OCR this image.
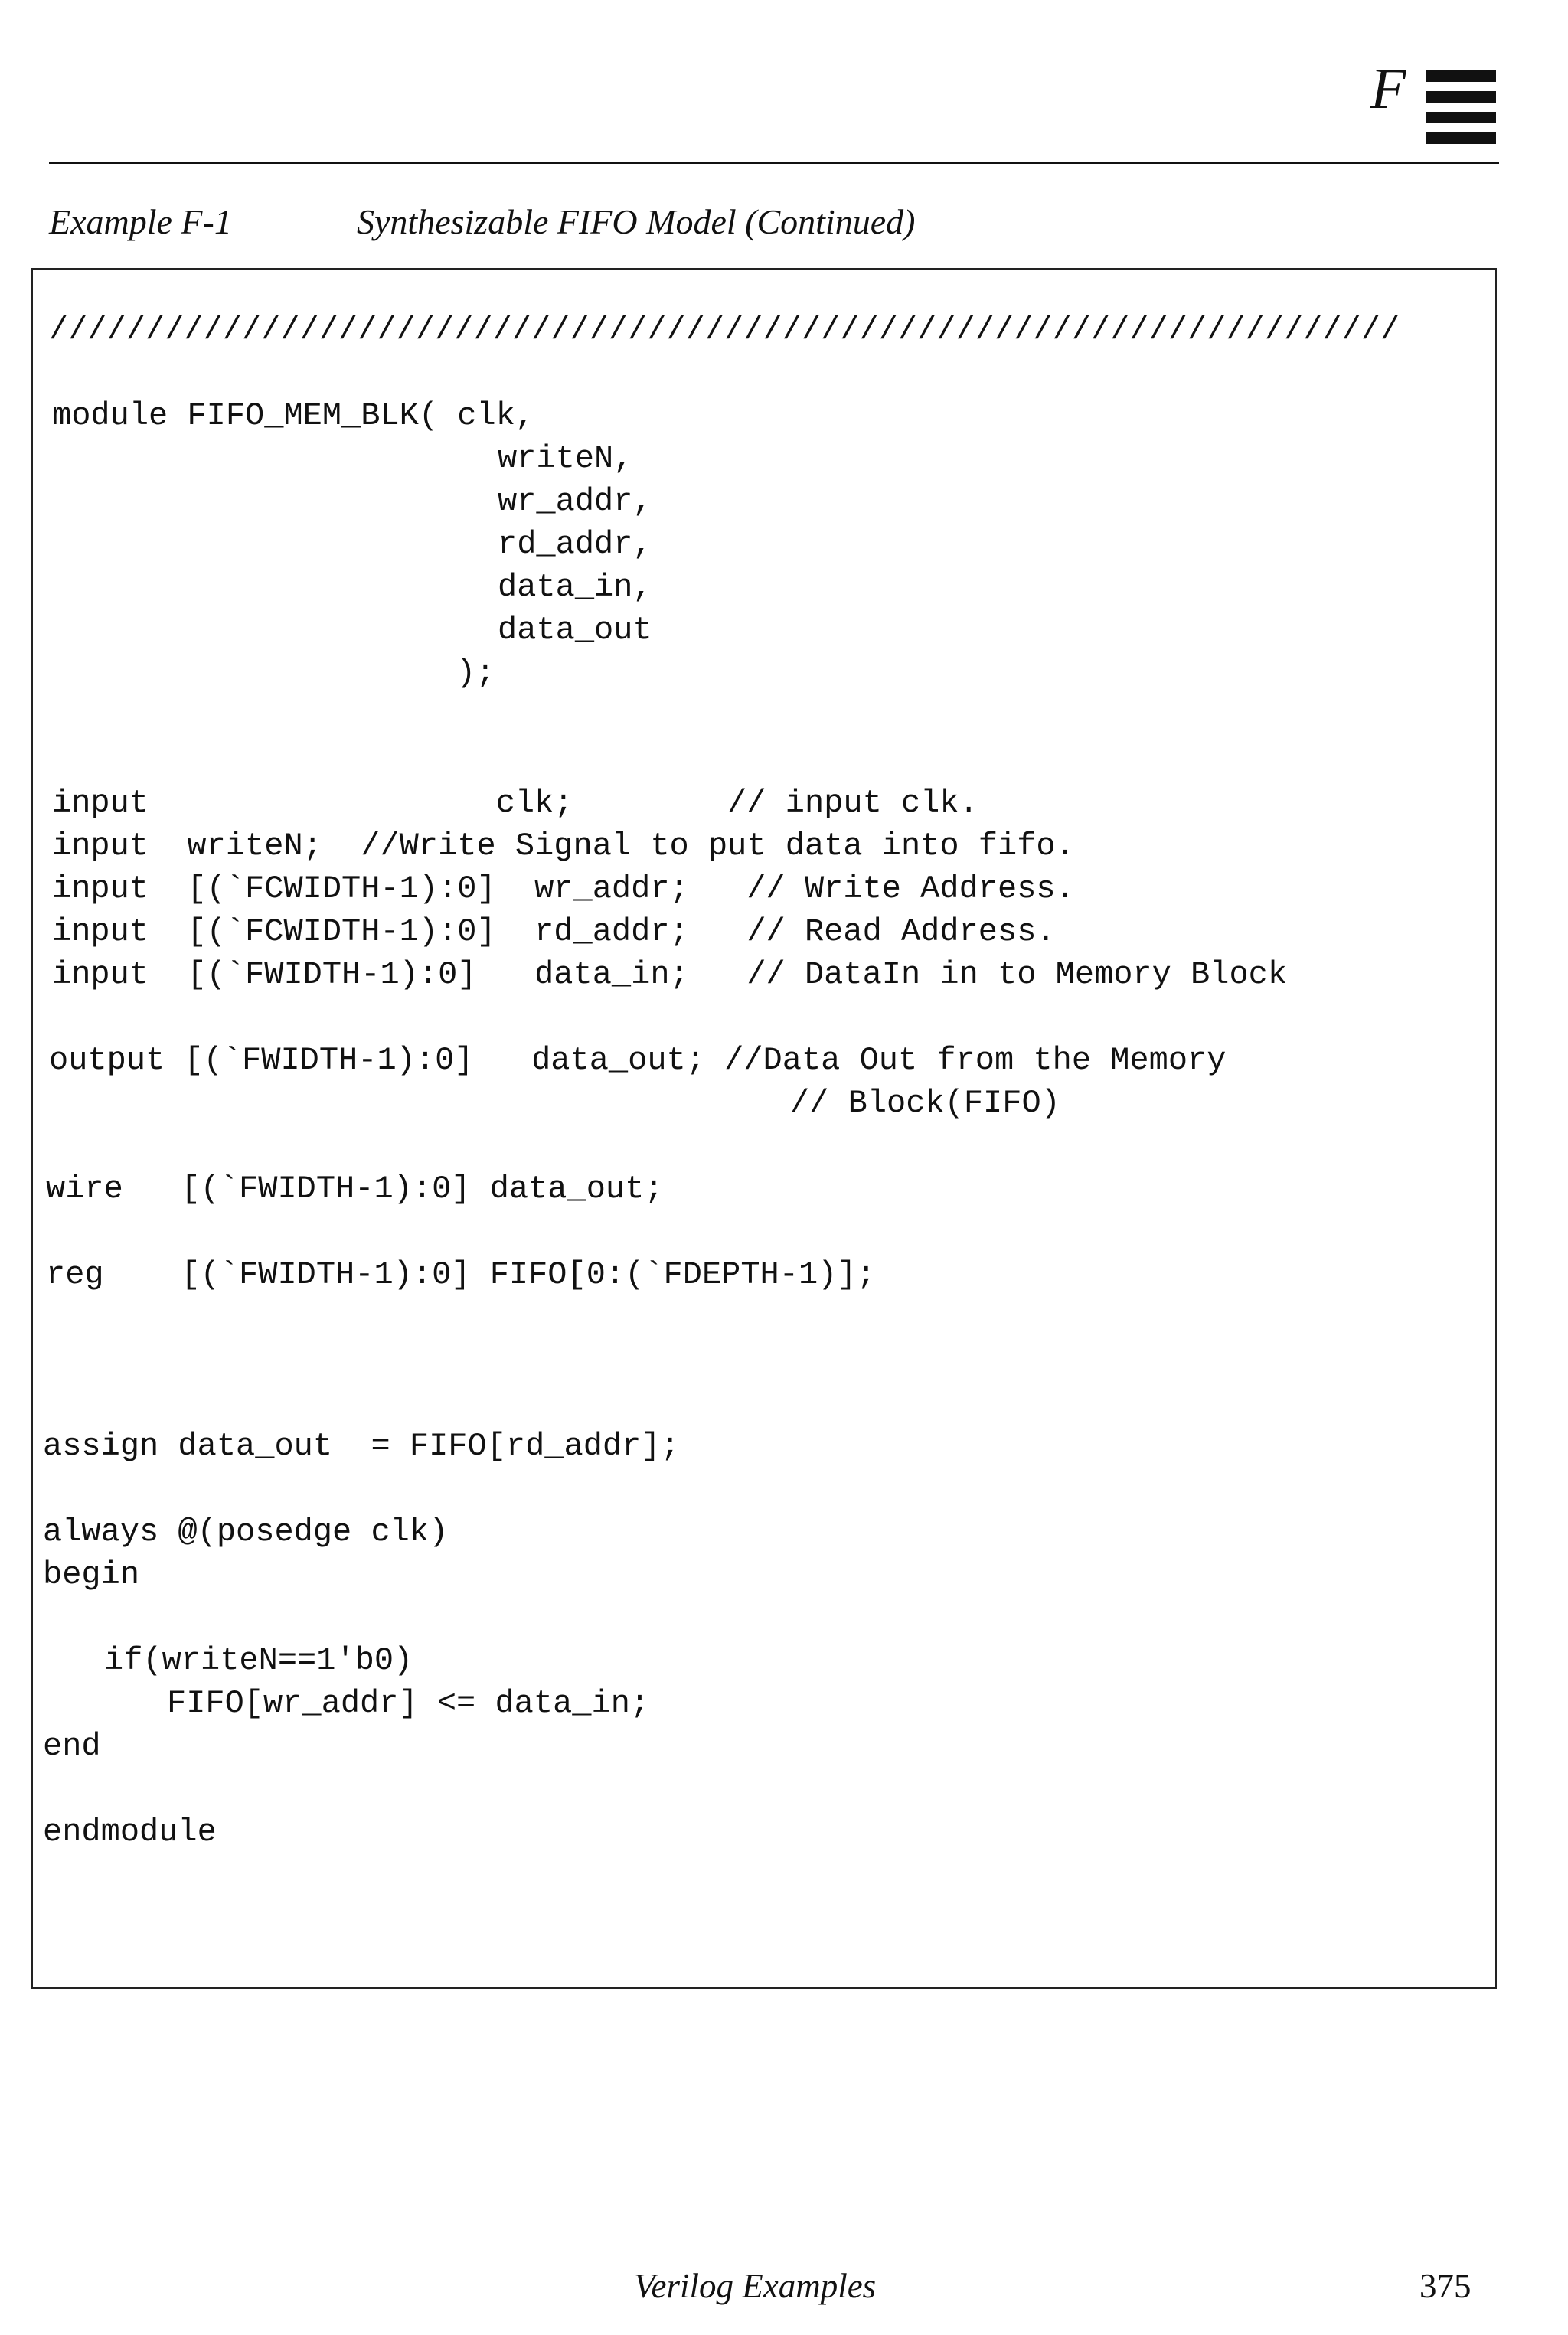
F
Example F-1	Synthesizable FIFO Model (Continued)
//////////////////////////////////////////////////////////////////////
module FIFO_MEM_BLK( clk,
writeN,
wr_addr,
rd_addr,
data_in,
data_out
);
input                  clk;        // input clk.
input  writeN;  //Write Signal to put data into fifo.
input  [(`FCWIDTH-1):0]  wr_addr;   // Write Address.
input  [(`FCWIDTH-1):0]  rd_addr;   // Read Address.
input  [(`FWIDTH-1):0]   data_in;   // DataIn in to Memory Block
output [(`FWIDTH-1):0]   data_out; //Data Out from the Memory
// Block(FIFO)
wire   [(`FWIDTH-1):0] data_out;
reg    [(`FWIDTH-1):0] FIFO[0:(`FDEPTH-1)];
assign data_out  = FIFO[rd_addr];
always @(posedge clk)
begin
if(writeN==1'b0)
FIFO[wr_addr] <= data_in;
end
endmodule
Verilog Examples	375
